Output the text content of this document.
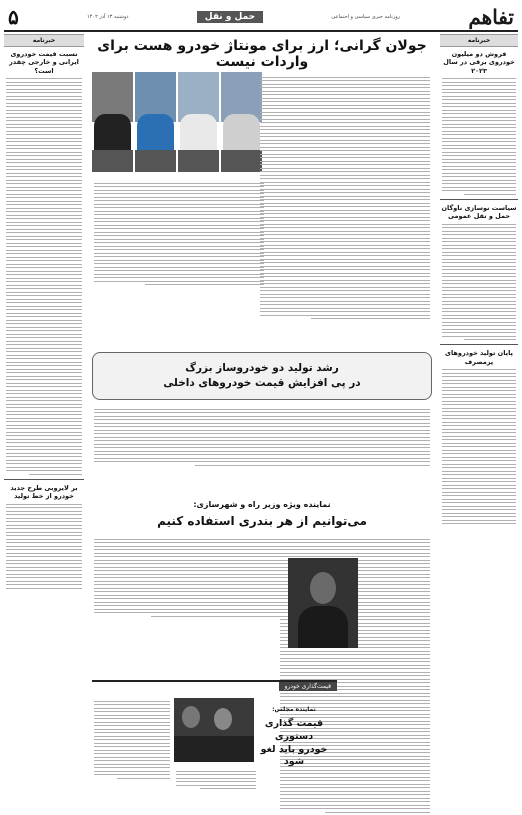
تفاهم
روزنامه خبری سیاسی و اجتماعی
حمل و نقل
دوشنبه ۱۳ آذر ۱۴۰۲
۵
خبرنامه
فروش دو میلیون خودروی برقی در سال ۲۰۲۳
سیاست نوسازی ناوگان حمل و نقل عمومی
پایان تولید خودروهای پرمصرف
خبرنامه
نسبت قیمت خودروی ایرانی و خارجی چقدر است؟
بر لایروبی طرح جدید خودرو از خط تولید
جولان گرانی؛ ارز برای مونتاژ خودرو هست برای واردات نیست
رشد تولید دو خودروساز بزرگ
در پی افزایش قیمت خودروهای داخلی
نماینده ویژه وزیر راه و شهرسازی:
می‌توانیم از هر بندری استفاده کنیم
قیمت‌گذاری خودرو
نماینده مجلس:
قیمت گذاری دستوری خودرو باید لغو شود
